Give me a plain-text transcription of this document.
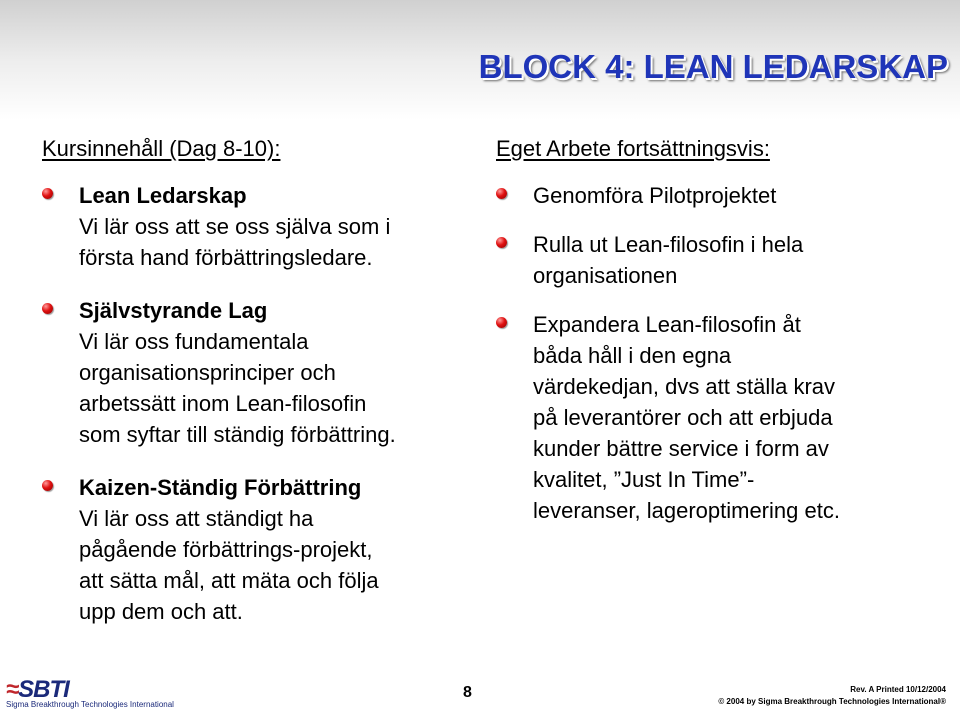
BLOCK 4: LEAN LEDARSKAP
Kursinnehåll (Dag 8-10):
Lean Ledarskap
Vi lär oss att se oss själva som i
första hand förbättringsledare.
Självstyrande Lag
Vi lär oss fundamentala
organisationsprinciper och
arbetssätt inom Lean-filosofin
som syftar till ständig förbättring.
Kaizen-Ständig Förbättring
Vi lär oss att ständigt ha
pågående förbättrings-projekt,
att sätta mål, att mäta och följa
upp dem och att.
Eget Arbete fortsättningsvis:
Genomföra Pilotprojektet
Rulla ut Lean-filosofin i hela
organisationen
Expandera Lean-filosofin åt
båda håll i den egna
värdekedjan, dvs att ställa krav
på leverantörer och att erbjuda
kunder bättre service i form av
kvalitet, ”Just In Time”-
leveranser, lageroptimering etc.
≈SBTI
Sigma Breakthrough Technologies International
8	Rev. A Printed 10/12/2004
© 2004 by Sigma Breakthrough Technologies International®
